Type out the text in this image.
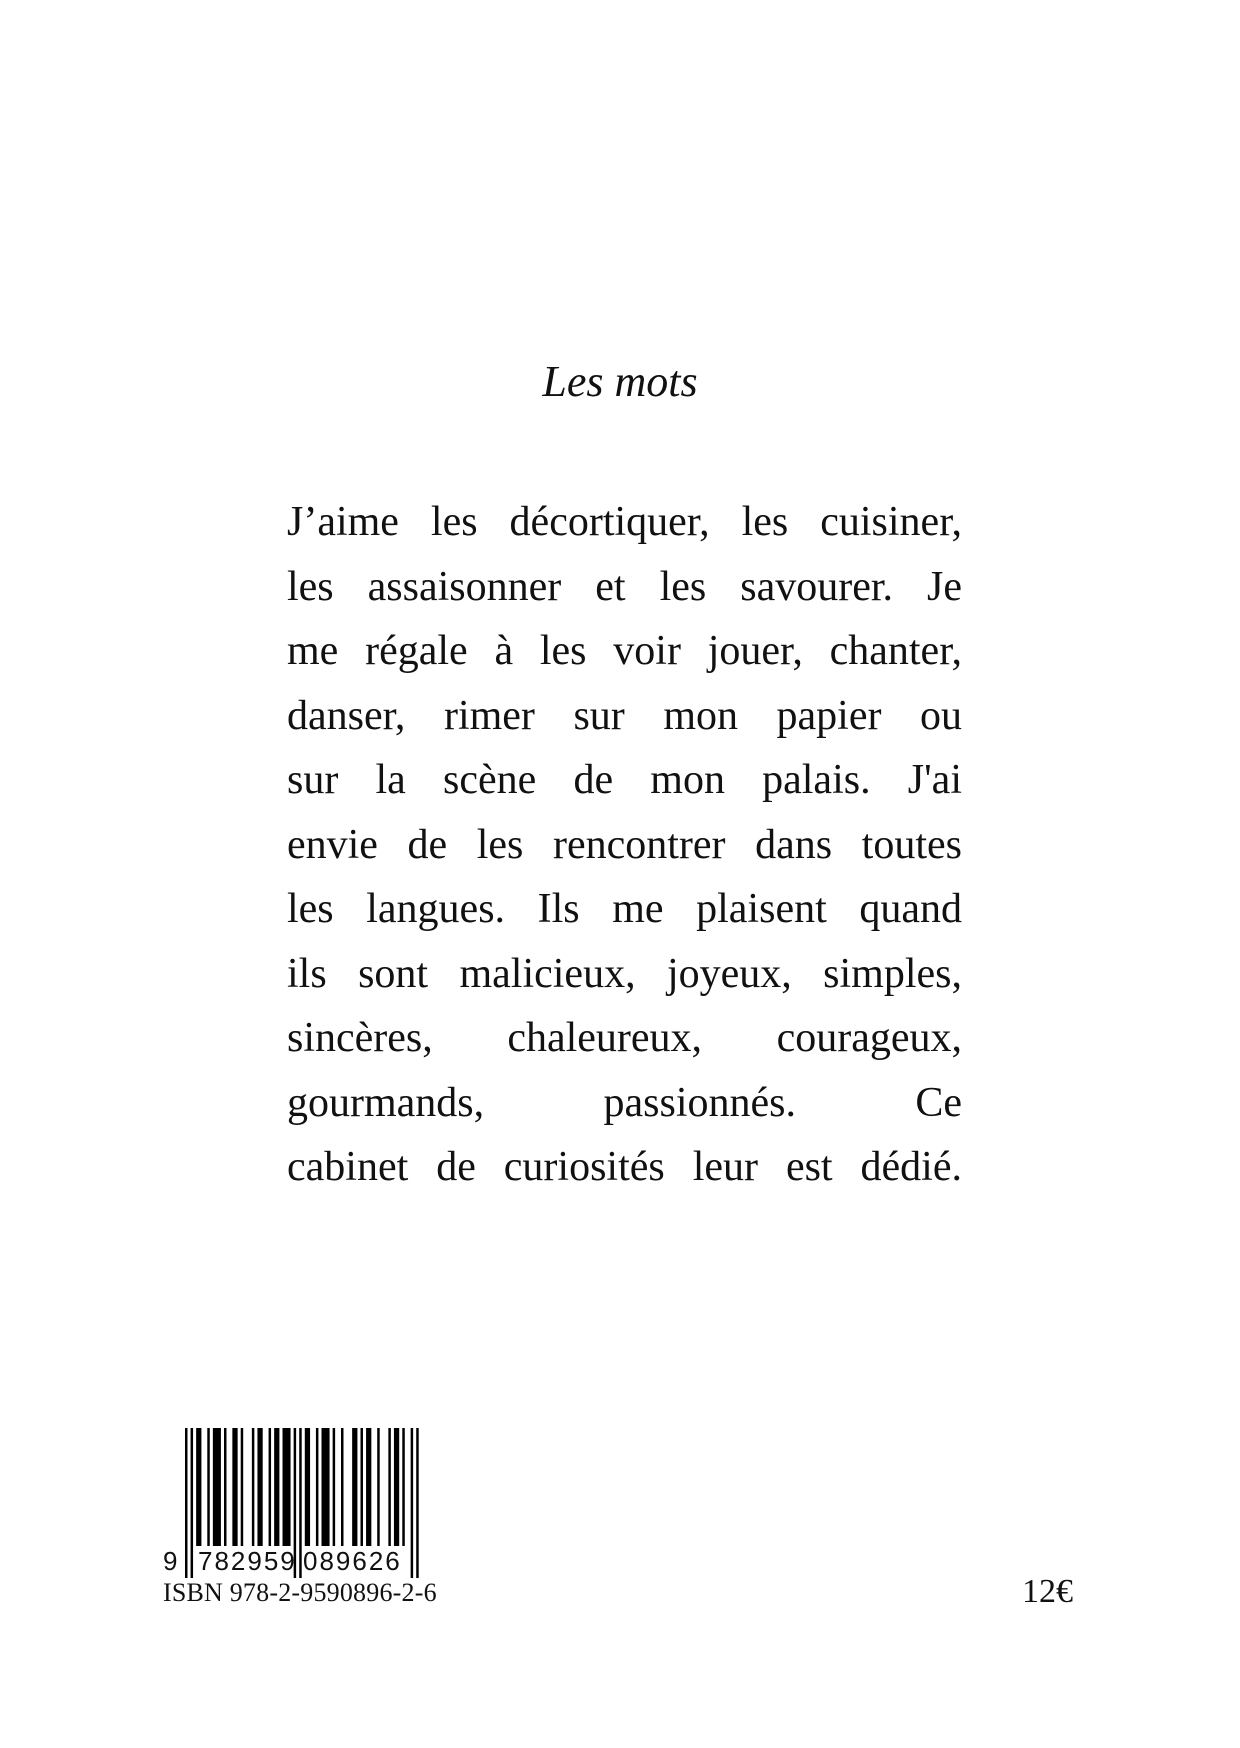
Les mots
J’aime les décortiquer, les cuisiner,
les assaisonner et les savourer. Je
me régale à les voir jouer, chanter,
danser, rimer sur mon papier ou
sur la scène de mon palais. J'ai
envie de les rencontrer dans toutes
les langues. Ils me plaisent quand
ils sont malicieux, joyeux, simples,
sincères, chaleureux, courageux,
gourmands, passionnés. Ce
cabinet de curiosités leur est dédié.
9 782959 089626
ISBN 978-2-9590896-2-6	12€
